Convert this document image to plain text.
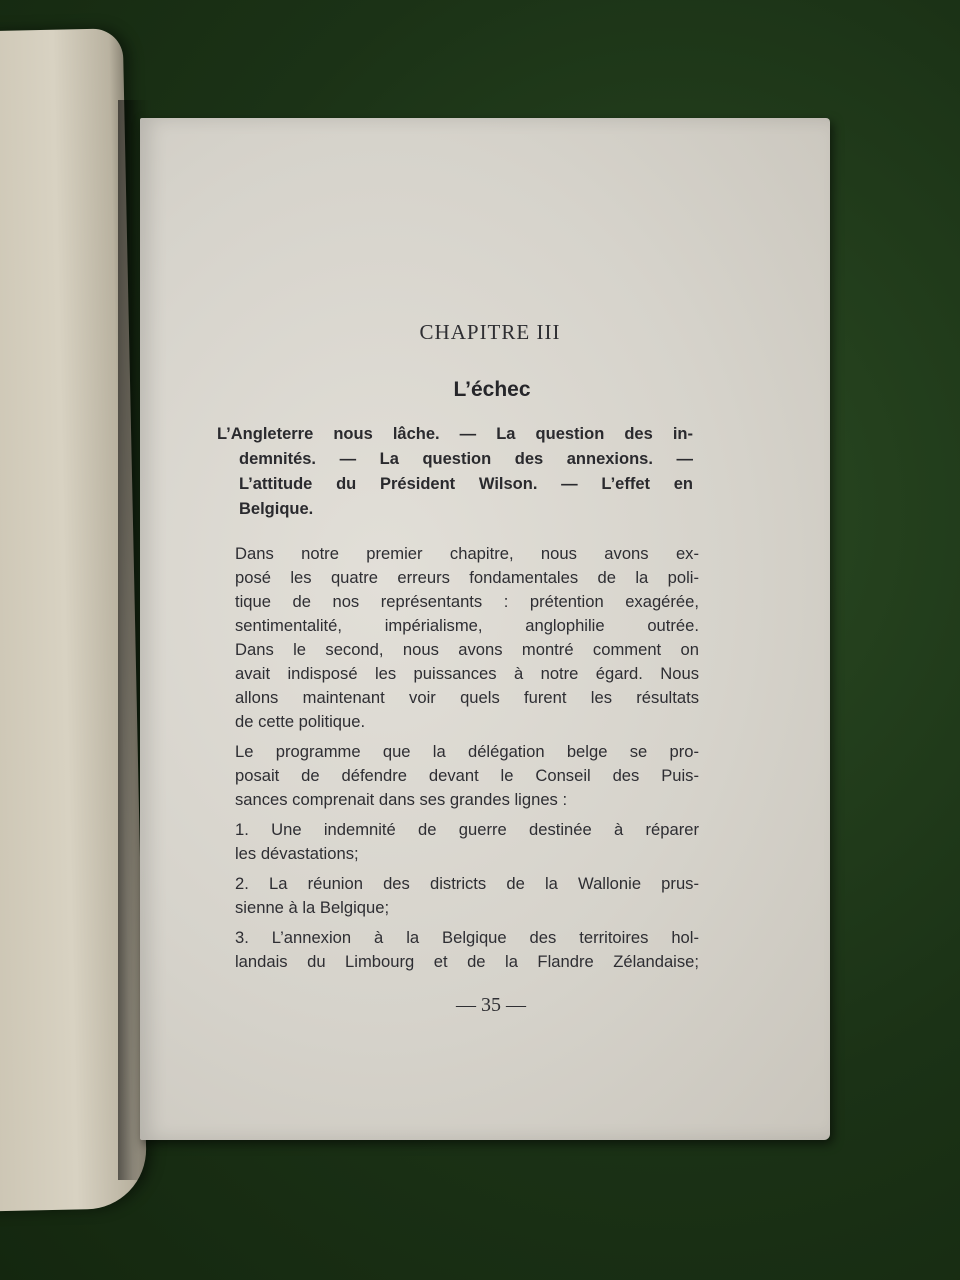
CHAPITRE III
L’échec
L’Angleterre nous lâche. — La question des in-
demnités. — La question des annexions. —
L’attitude du Président Wilson. — L’effet en
Belgique.
Dans notre premier chapitre, nous avons ex-
posé les quatre erreurs fondamentales de la poli-
tique de nos représentants : prétention exagérée,
sentimentalité, impérialisme, anglophilie outrée.
Dans le second, nous avons montré comment on
avait indisposé les puissances à notre égard. Nous
allons maintenant voir quels furent les résultats
de cette politique.
Le programme que la délégation belge se pro-
posait de défendre devant le Conseil des Puis-
sances comprenait dans ses grandes lignes :
1. Une indemnité de guerre destinée à réparer
les dévastations;
2. La réunion des districts de la Wallonie prus-
sienne à la Belgique;
3. L’annexion à la Belgique des territoires hol-
landais du Limbourg et de la Flandre Zélandaise;
— 35 —
